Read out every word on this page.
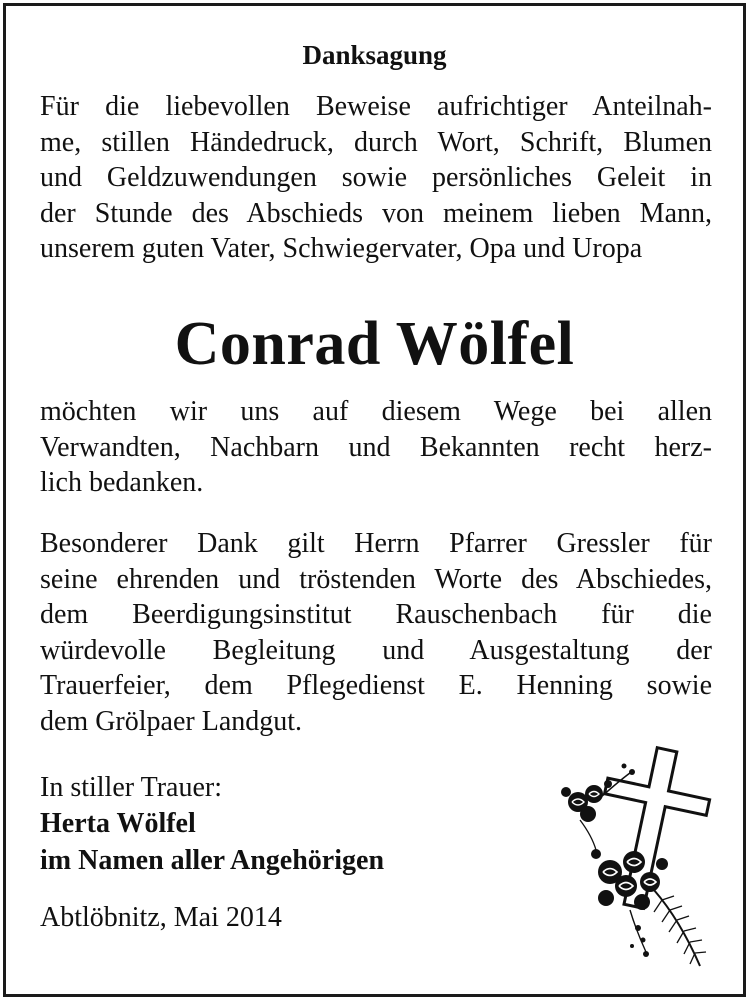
Danksagung
Für die liebevollen Beweise aufrichtiger Anteilnah-
me, stillen Händedruck, durch Wort, Schrift, Blumen
und Geldzuwendungen sowie persönliches Geleit in
der Stunde des Abschieds von meinem lieben Mann,
unserem guten Vater, Schwiegervater, Opa und Uropa
Conrad Wölfel
möchten wir uns auf diesem Wege bei allen
Verwandten, Nachbarn und Bekannten recht herz-
lich bedanken.
Besonderer Dank gilt Herrn Pfarrer Gressler für
seine ehrenden und tröstenden Worte des Abschiedes,
dem Beerdigungsinstitut Rauschenbach für die
würdevolle Begleitung und Ausgestaltung der
Trauerfeier, dem Pflegedienst E. Henning sowie
dem Grölpaer Landgut.
In stiller Trauer:
Herta Wölfel
im Namen aller Angehörigen
Abtlöbnitz, Mai 2014
